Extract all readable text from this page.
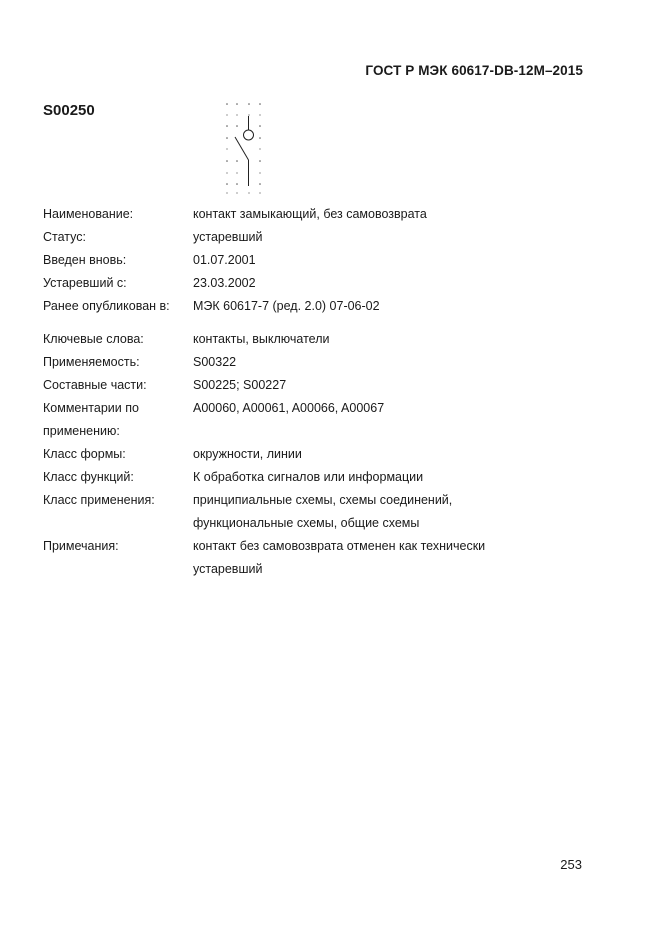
ГОСТ Р МЭК 60617-DB-12M–2015
S00250
Наименование:	контакт замыкающий, без самовозврата
Статус:	устаревший
Введен вновь:	01.07.2001
Устаревший с:	23.03.2002
Ранее опубликован в:	МЭК 60617-7 (ред. 2.0) 07-06-02
Ключевые слова:	контакты, выключатели
Применяемость:	S00322
Составные части:	S00225; S00227
Комментарии по	A00060, A00061, A00066, A00067
применению:
Класс формы:	окружности, линии
Класс функций:	К обработка сигналов или информации
Класс применения:	принципиальные схемы, схемы соединений,
функциональные схемы, общие схемы
Примечания:	контакт без самовозврата отменен как технически
устаревший
253
